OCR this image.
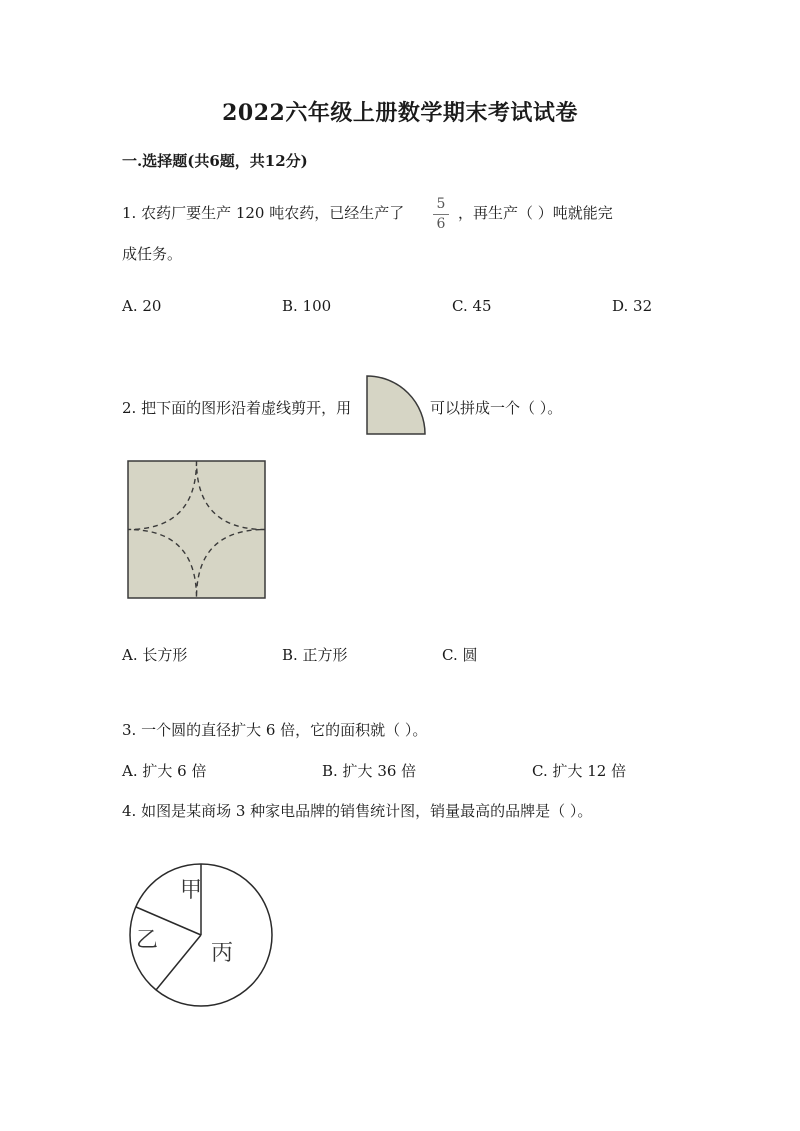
2022六年级上册数学期末考试试卷
一.选择题(共6题，共12分)
1. 农药厂要生产 120 吨农药，已经生产了 5
6
，再生产（ ）吨就能完
成任务。
A. 20	B. 100	C. 45	D. 32
2. 把下面的图形沿着虚线剪开，用	可以拼成一个（ ）。
A. 长方形	B. 正方形	C. 圆
3. 一个圆的直径扩大 6 倍，它的面积就（ ）。
A. 扩大 6 倍	B. 扩大 36 倍	C. 扩大 12 倍
4. 如图是某商场 3 种家电品牌的销售统计图，销量最高的品牌是（ ）。
甲
乙
丙
